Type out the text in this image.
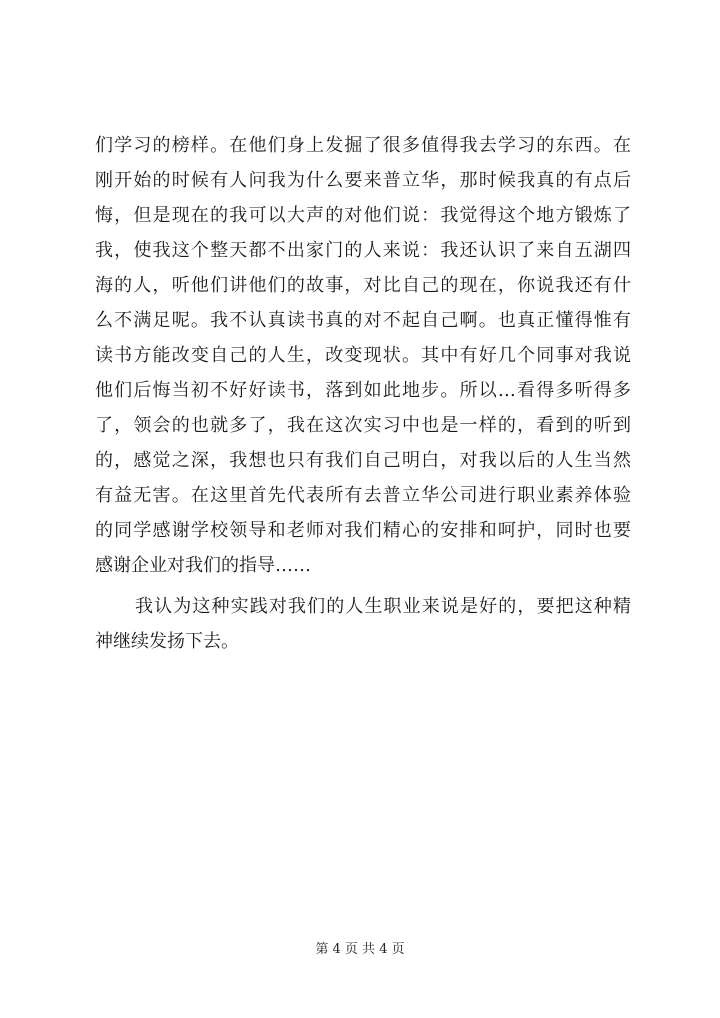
们学习的榜样。在他们身上发掘了很多值得我去学习的东西。在
刚开始的时候有人问我为什么要来普立华，那时候我真的有点后
悔，但是现在的我可以大声的对他们说：我觉得这个地方锻炼了
我，使我这个整天都不出家门的人来说：我还认识了来自五湖四
海的人，听他们讲他们的故事，对比自己的现在，你说我还有什
么不满足呢。我不认真读书真的对不起自己啊。也真正懂得惟有
读书方能改变自己的人生，改变现状。其中有好几个同事对我说
他们后悔当初不好好读书，落到如此地步。所以…看得多听得多
了，领会的也就多了，我在这次实习中也是一样的，看到的听到
的，感觉之深，我想也只有我们自己明白，对我以后的人生当然
有益无害。在这里首先代表所有去普立华公司进行职业素养体验
的同学感谢学校领导和老师对我们精心的安排和呵护，同时也要
感谢企业对我们的指导……
我认为这种实践对我们的人生职业来说是好的，要把这种精
神继续发扬下去。
第 4 页 共 4 页
